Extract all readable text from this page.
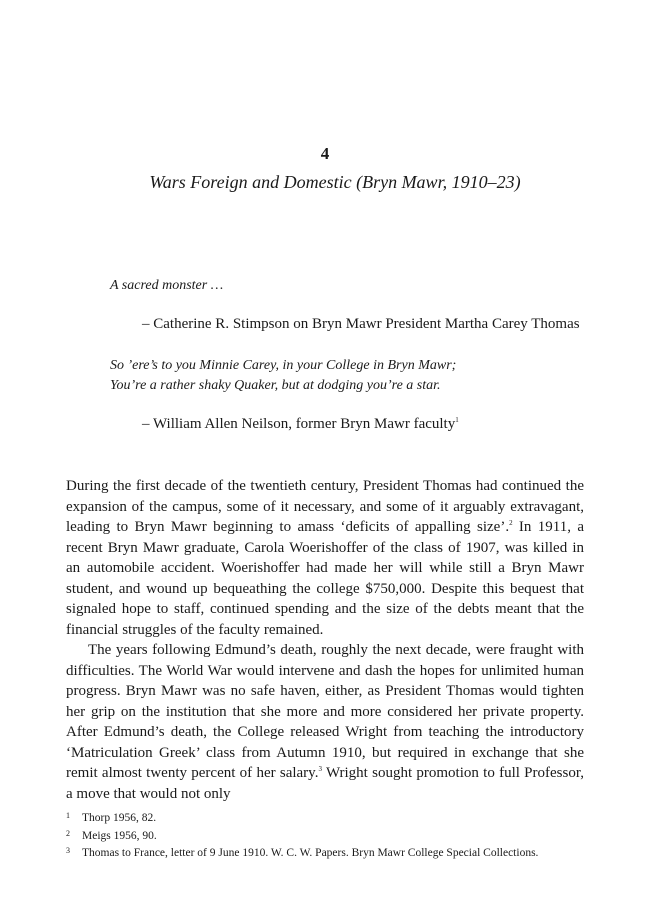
4
Wars Foreign and Domestic (Bryn Mawr, 1910–23)
A sacred monster …
– Catherine R. Stimpson on Bryn Mawr President Martha Carey Thomas
So ’ere’s to you Minnie Carey, in your College in Bryn Mawr;
You’re a rather shaky Quaker, but at dodging you’re a star.
– William Allen Neilson, former Bryn Mawr faculty$^1$

During the first decade of the twentieth century, President Thomas had continued the expansion of the campus, some of it necessary, and some of it arguably extravagant, leading to Bryn Mawr beginning to amass ‘deficits of appalling size’.$^2$ In 1911, a recent Bryn Mawr graduate, Carola Woerishoffer of the class of 1907, was killed in an automobile accident. Woerishoffer had made her will while still a Bryn Mawr student, and wound up bequeathing the college $750,000. Despite this bequest that signaled hope to staff, continued spending and the size of the debts meant that the financial struggles of the faculty remained.

The years following Edmund’s death, roughly the next decade, were fraught with difficulties. The World War would intervene and dash the hopes for unlimited human progress. Bryn Mawr was no safe haven, either, as President Thomas would tighten her grip on the institution that she more and more considered her private property. After Edmund’s death, the College released Wright from teaching the introductory ‘Matriculation Greek’ class from Autumn 1910, but required in exchange that she remit almost twenty percent of her salary.$^3$ Wright sought promotion to full Professor, a move that would not only

1 Thorp 1956, 82.
2 Meigs 1956, 90.
3 Thomas to France, letter of 9 June 1910. W. C. W. Papers. Bryn Mawr College Special Collections.
